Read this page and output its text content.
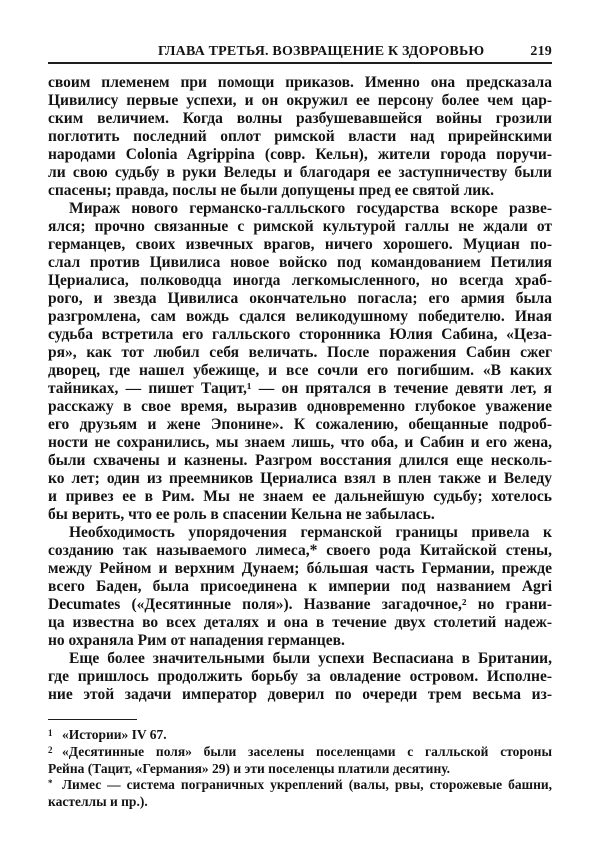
ГЛАВА ТРЕТЬЯ. ВОЗВРАЩЕНИЕ К ЗДОРОВЬЮ	219
своим племенем при помощи приказов. Именно она предсказала
Цивилису первые успехи, и он окружил ее персону более чем цар-
ским величием. Когда волны разбушевавшейся войны грозили
поглотить последний оплот римской власти над прирейнскими
народами Colonia Agrippina (совр. Кельн), жители города поручи-
ли свою судьбу в руки Веледы и благодаря ее заступничеству были
спасены; правда, послы не были допущены пред ее святой лик.
Мираж нового германско-галльского государства вскоре разве-
ялся; прочно связанные с римской культурой галлы не ждали от
германцев, своих извечных врагов, ничего хорошего. Муциан по-
слал против Цивилиса новое войско под командованием Петилия
Цериалиса, полководца иногда легкомысленного, но всегда храб-
рого, и звезда Цивилиса окончательно погасла; его армия была
разгромлена, сам вождь сдался великодушному победителю. Иная
судьба встретила его галльского сторонника Юлия Сабина, «Цеза-
ря», как тот любил себя величать. После поражения Сабин сжег
дворец, где нашел убежище, и все сочли его погибшим. «В каких
тайниках, — пишет Тацит,¹ — он прятался в течение девяти лет, я
расскажу в свое время, выразив одновременно глубокое уважение
его друзьям и жене Эпонине». К сожалению, обещанные подроб-
ности не сохранились, мы знаем лишь, что оба, и Сабин и его жена,
были схвачены и казнены. Разгром восстания длился еще несколь-
ко лет; один из преемников Цериалиса взял в плен также и Веледу
и привез ее в Рим. Мы не знаем ее дальнейшую судьбу; хотелось
бы верить, что ее роль в спасении Кельна не забылась.
Необходимость упорядочения германской границы привела к
созданию так называемого лимеса,* своего рода Китайской стены,
между Рейном и верхним Дунаем; бóльшая часть Германии, прежде
всего Баден, была присоединена к империи под названием Agri
Decumates («Десятинные поля»). Название загадочное,² но грани-
ца известна во всех деталях и она в течение двух столетий надеж-
но охраняла Рим от нападения германцев.
Еще более значительными были успехи Веспасиана в Британии,
где пришлось продолжить борьбу за овладение островом. Исполне-
ние этой задачи император доверил по очереди трем весьма из-
1 «Истории» IV 67.
2 «Десятинные поля» были заселены поселенцами с галльской стороны
Рейна (Тацит, «Германия» 29) и эти поселенцы платили десятину.
* Лимес — система пограничных укреплений (валы, рвы, сторожевые башни,
кастеллы и пр.).
